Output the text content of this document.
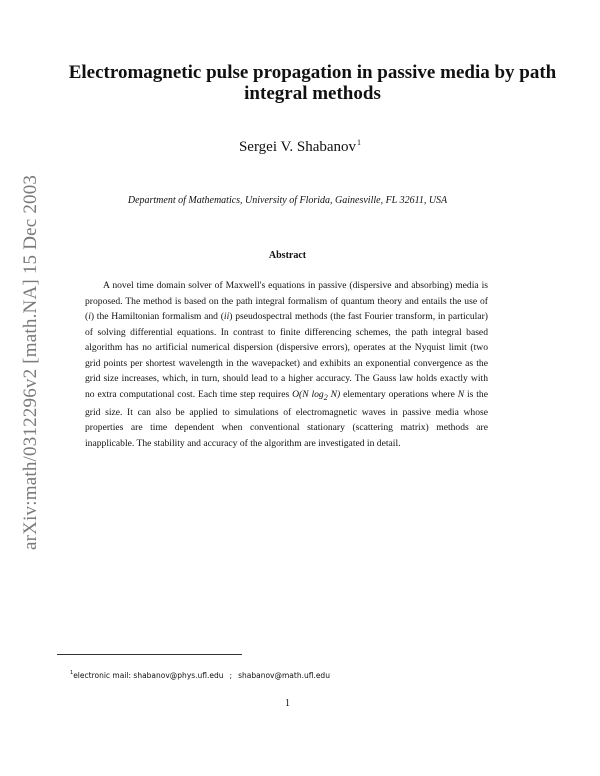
arXiv:math/0312296v2 [math.NA] 15 Dec 2003
Electromagnetic pulse propagation in passive media by path integral methods

Sergei V. Shabanov$^1$

Department of Mathematics, University of Florida, Gainesville, FL 32611, USA

Abstract

A novel time domain solver of Maxwell's equations in passive (dispersive and absorbing) media is proposed. The method is based on the path integral formalism of quantum theory and entails the use of (i) the Hamiltonian formalism and (ii) pseudospectral methods (the fast Fourier transform, in particular) of solving differential equations. In contrast to finite differencing schemes, the path integral based algorithm has no artificial numerical dispersion (dispersive errors), operates at the Nyquist limit (two grid points per shortest wavelength in the wavepacket) and exhibits an exponential convergence as the grid size increases, which, in turn, should lead to a higher accuracy. The Gauss law holds exactly with no extra computational cost. Each time step requires O(N $\log_2 N$) elementary operations where N is the grid size. It can also be applied to simulations of electromagnetic waves in passive media whose properties are time dependent when conventional stationary (scattering matrix) methods are inapplicable. The stability and accuracy of the algorithm are investigated in detail.

$^1$electronic mail: shabanov@phys.ufl.edu ; shabanov@math.ufl.edu

1
